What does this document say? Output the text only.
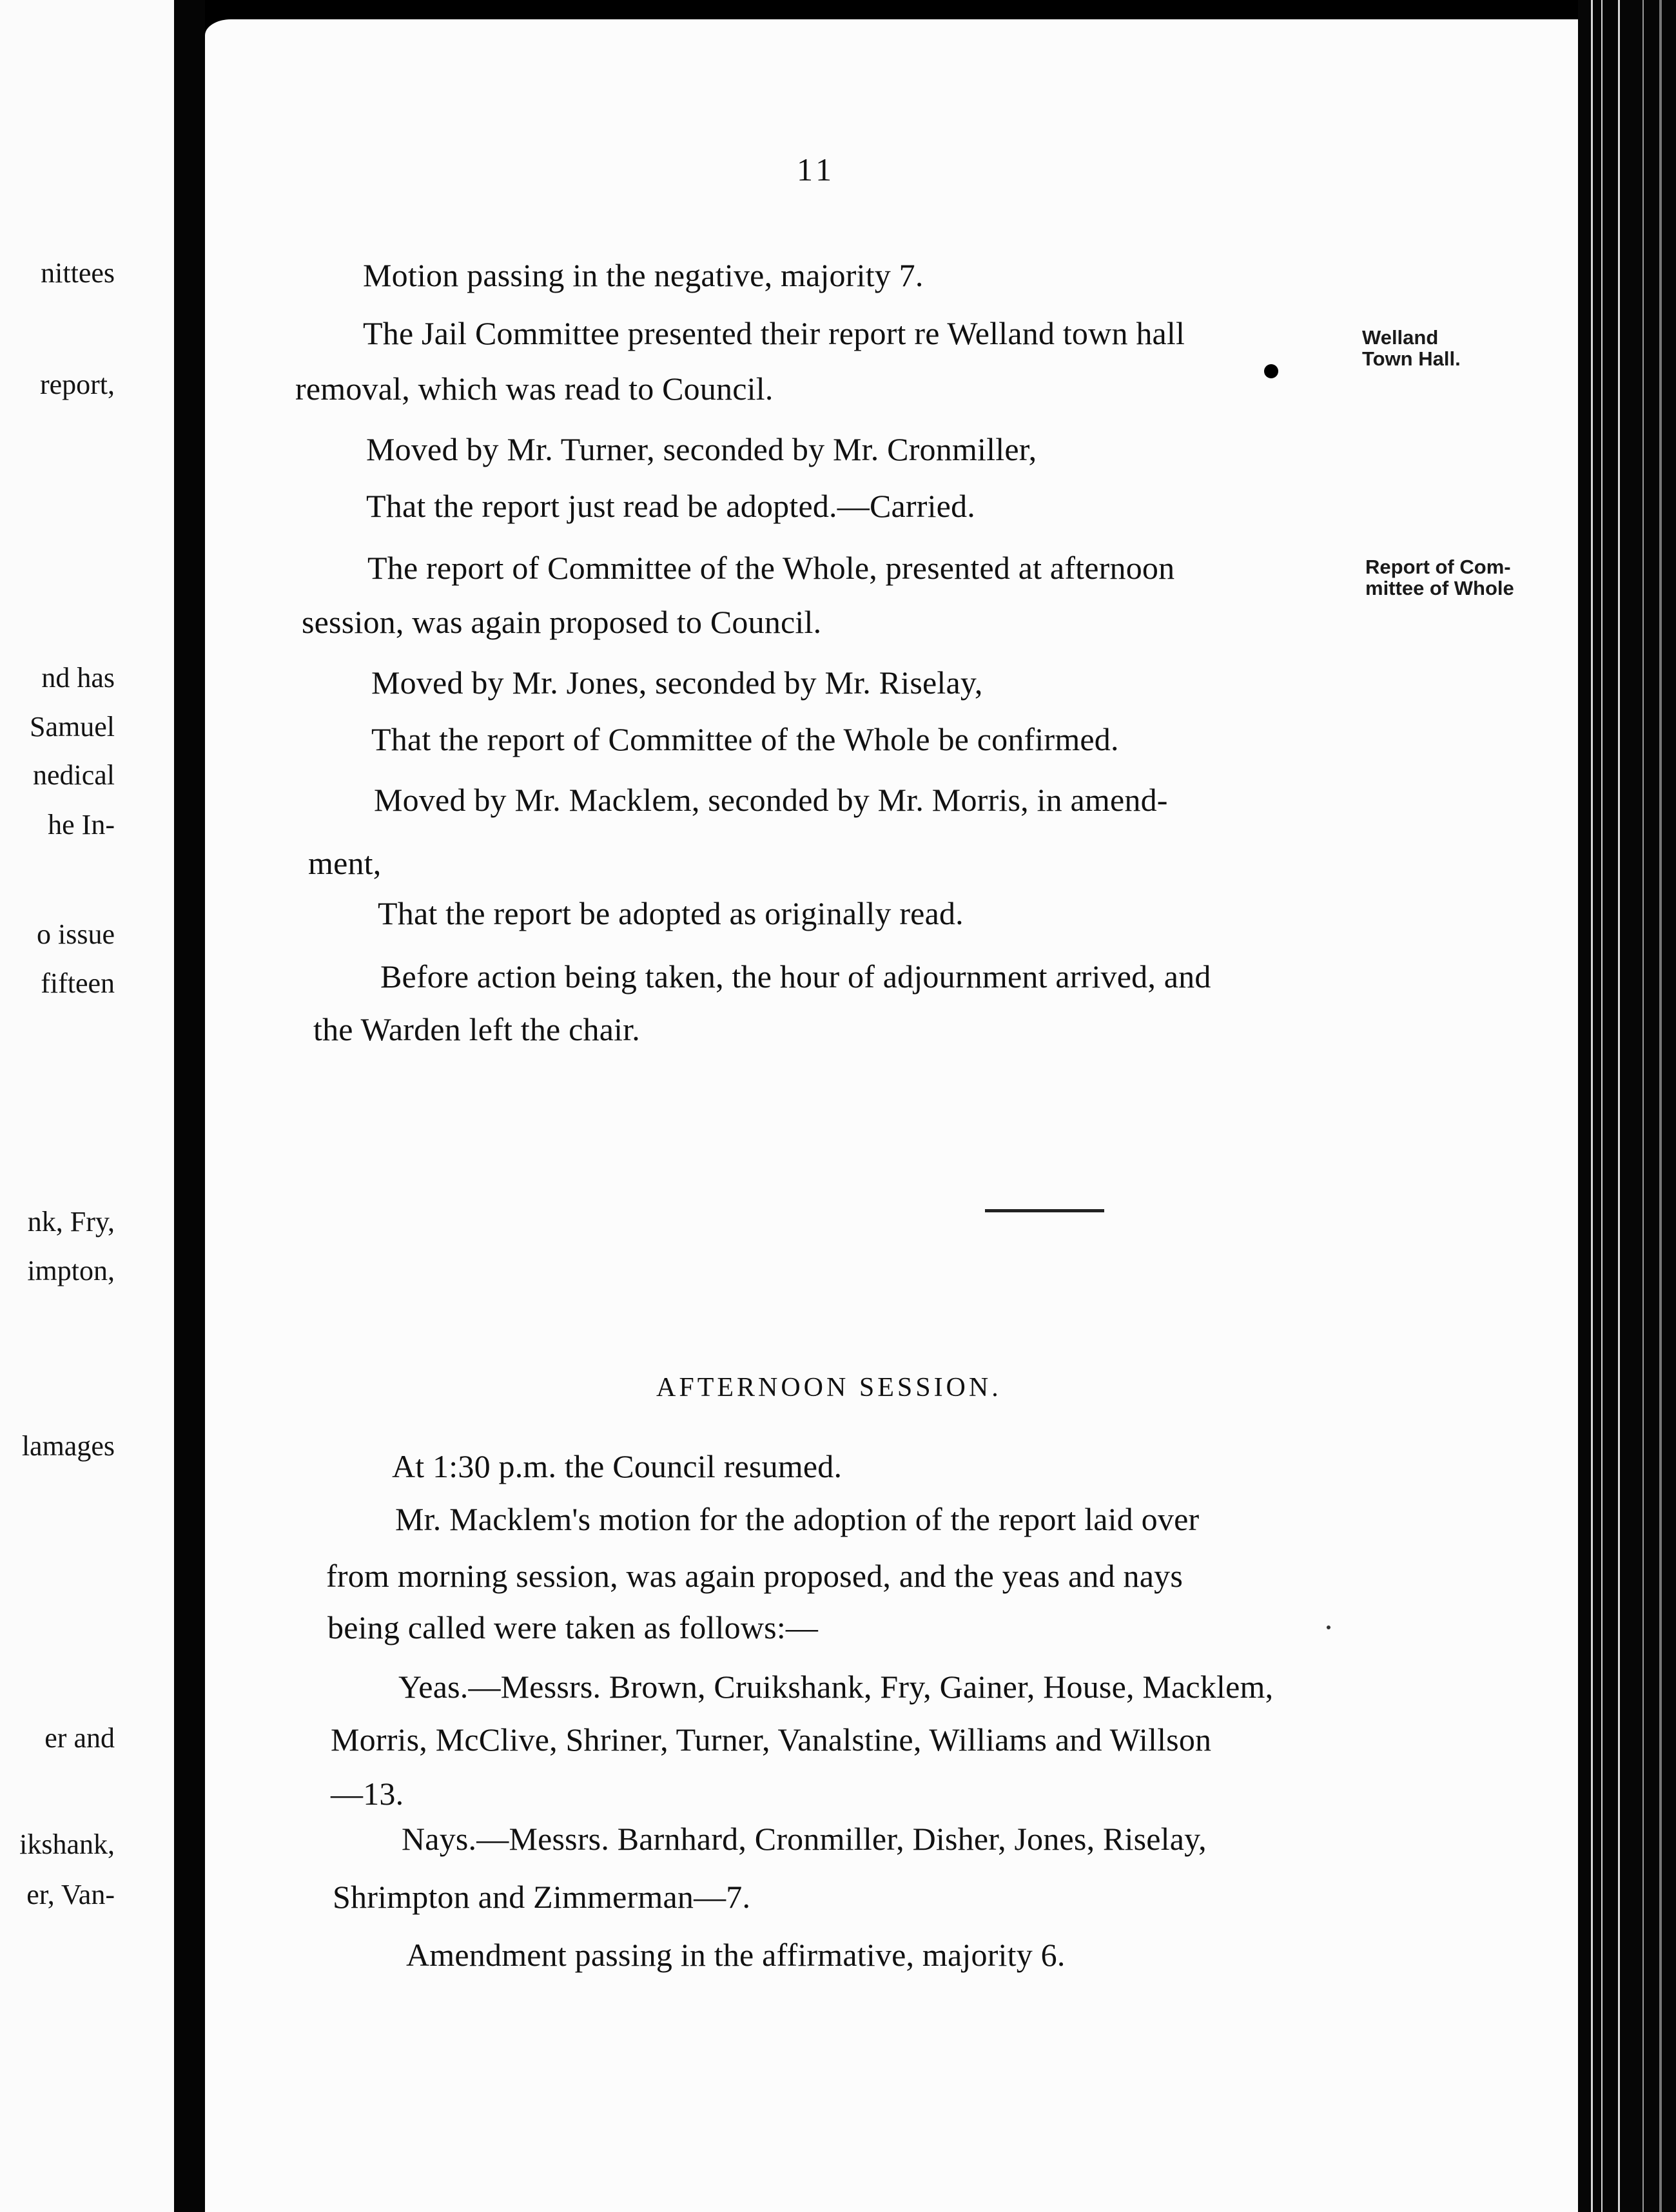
nittees
report,
nd has
Samuel
nedical
he In-
o issue
fifteen
nk, Fry,
impton,
lamages
er and
ikshank,
er, Van-
11
Motion passing in the negative, majority 7.
The Jail Committee presented their report re Welland town hall
removal, which was read to Council.
Moved by Mr. Turner, seconded by Mr. Cronmiller,
That the report just read be adopted.—Carried.
The report of Committee of the Whole, presented at afternoon
session, was again proposed to Council.
Moved by Mr. Jones, seconded by Mr. Riselay,
That the report of Committee of the Whole be confirmed.
Moved by Mr. Macklem, seconded by Mr. Morris, in amend-
ment,
That the report be adopted as originally read.
Before action being taken, the hour of adjournment arrived, and
the Warden left the chair.
Welland
Town Hall.
Report of Com-
mittee of Whole
AFTERNOON SESSION.
At 1:30 p.m. the Council resumed.
Mr. Macklem's motion for the adoption of the report laid over
from morning session, was again proposed, and the yeas and nays
being called were taken as follows:—
Yeas.—Messrs. Brown, Cruikshank, Fry, Gainer, House, Macklem,
Morris, McClive, Shriner, Turner, Vanalstine, Williams and Willson
—13.
Nays.—Messrs. Barnhard, Cronmiller, Disher, Jones, Riselay,
Shrimpton and Zimmerman—7.
Amendment passing in the affirmative, majority 6.
